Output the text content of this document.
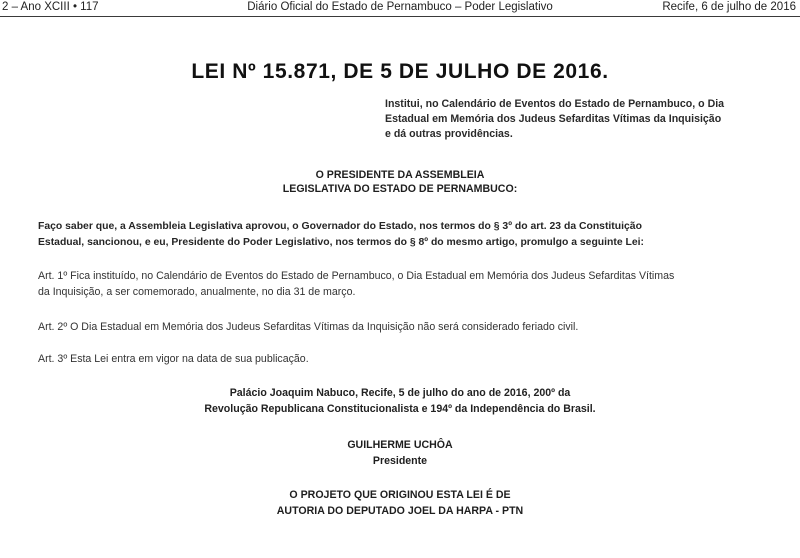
2 – Ano XCIII • 117	Diário Oficial do Estado de Pernambuco – Poder Legislativo	Recife, 6 de julho de 2016
LEI Nº 15.871, DE 5 DE JULHO DE 2016.
Institui, no Calendário de Eventos do Estado de Pernambuco, o Dia
Estadual em Memória dos Judeus Sefarditas Vítimas da Inquisição
e dá outras providências.
O PRESIDENTE DA ASSEMBLEIA
LEGISLATIVA DO ESTADO DE PERNAMBUCO:
Faço saber que, a Assembleia Legislativa aprovou, o Governador do Estado, nos termos do § 3º do art. 23 da Constituição
Estadual, sancionou, e eu, Presidente do Poder Legislativo, nos termos do § 8º do mesmo artigo, promulgo a seguinte Lei:
Art. 1º Fica instituído, no Calendário de Eventos do Estado de Pernambuco, o Dia Estadual em Memória dos Judeus Sefarditas Vítimas
da Inquisição, a ser comemorado, anualmente, no dia 31 de março.
Art. 2º O Dia Estadual em Memória dos Judeus Sefarditas Vítimas da Inquisição não será considerado feriado civil.
Art. 3º Esta Lei entra em vigor na data de sua publicação.
Palácio Joaquim Nabuco, Recife, 5 de julho do ano de 2016, 200º da
Revolução Republicana Constitucionalista e 194º da Independência do Brasil.
GUILHERME UCHÔA
Presidente
O PROJETO QUE ORIGINOU ESTA LEI É DE
AUTORIA DO DEPUTADO JOEL DA HARPA - PTN
